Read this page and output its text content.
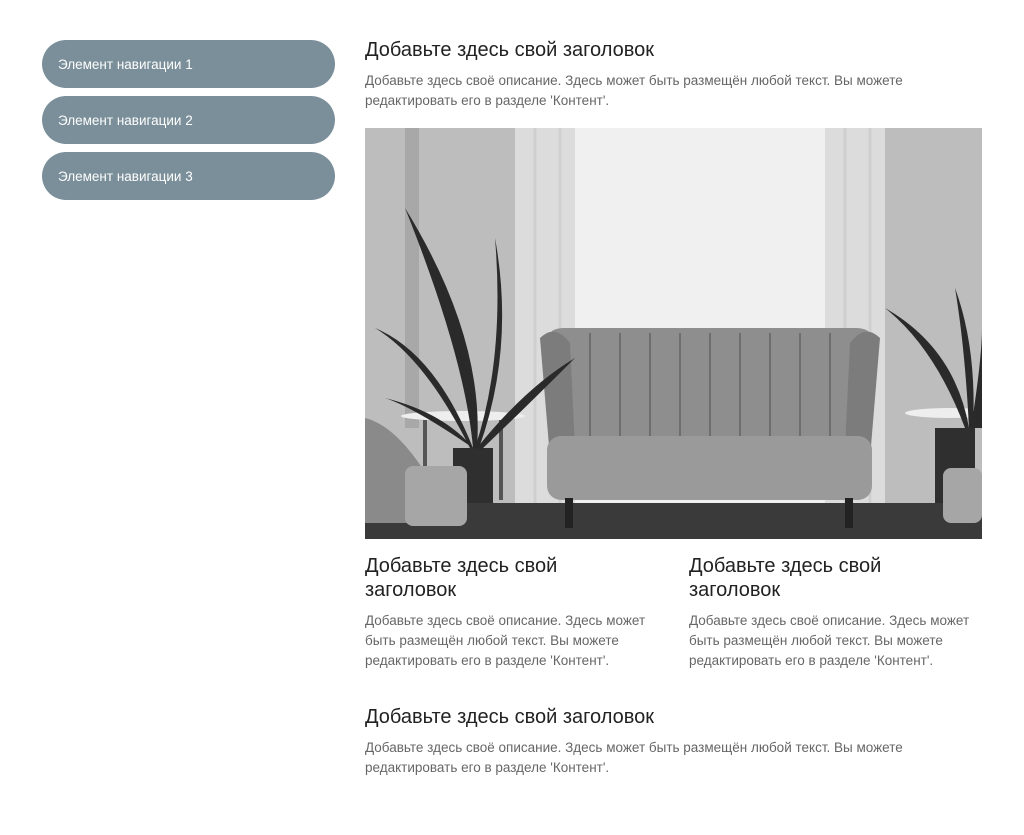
Элемент навигации 1
Элемент навигации 2
Элемент навигации 3
Добавьте здесь свой заголовок

Добавьте здесь своё описание. Здесь может быть размещён любой текст. Вы можете редактировать его в разделе 'Контент'.

Добавьте здесь свой заголовок

Добавьте здесь своё описание. Здесь может быть размещён любой текст. Вы можете редактировать его в разделе 'Контент'.

Добавьте здесь свой заголовок

Добавьте здесь своё описание. Здесь может быть размещён любой текст. Вы можете редактировать его в разделе 'Контент'.

Добавьте здесь свой заголовок

Добавьте здесь своё описание. Здесь может быть размещён любой текст. Вы можете редактировать его в разделе 'Контент'.
